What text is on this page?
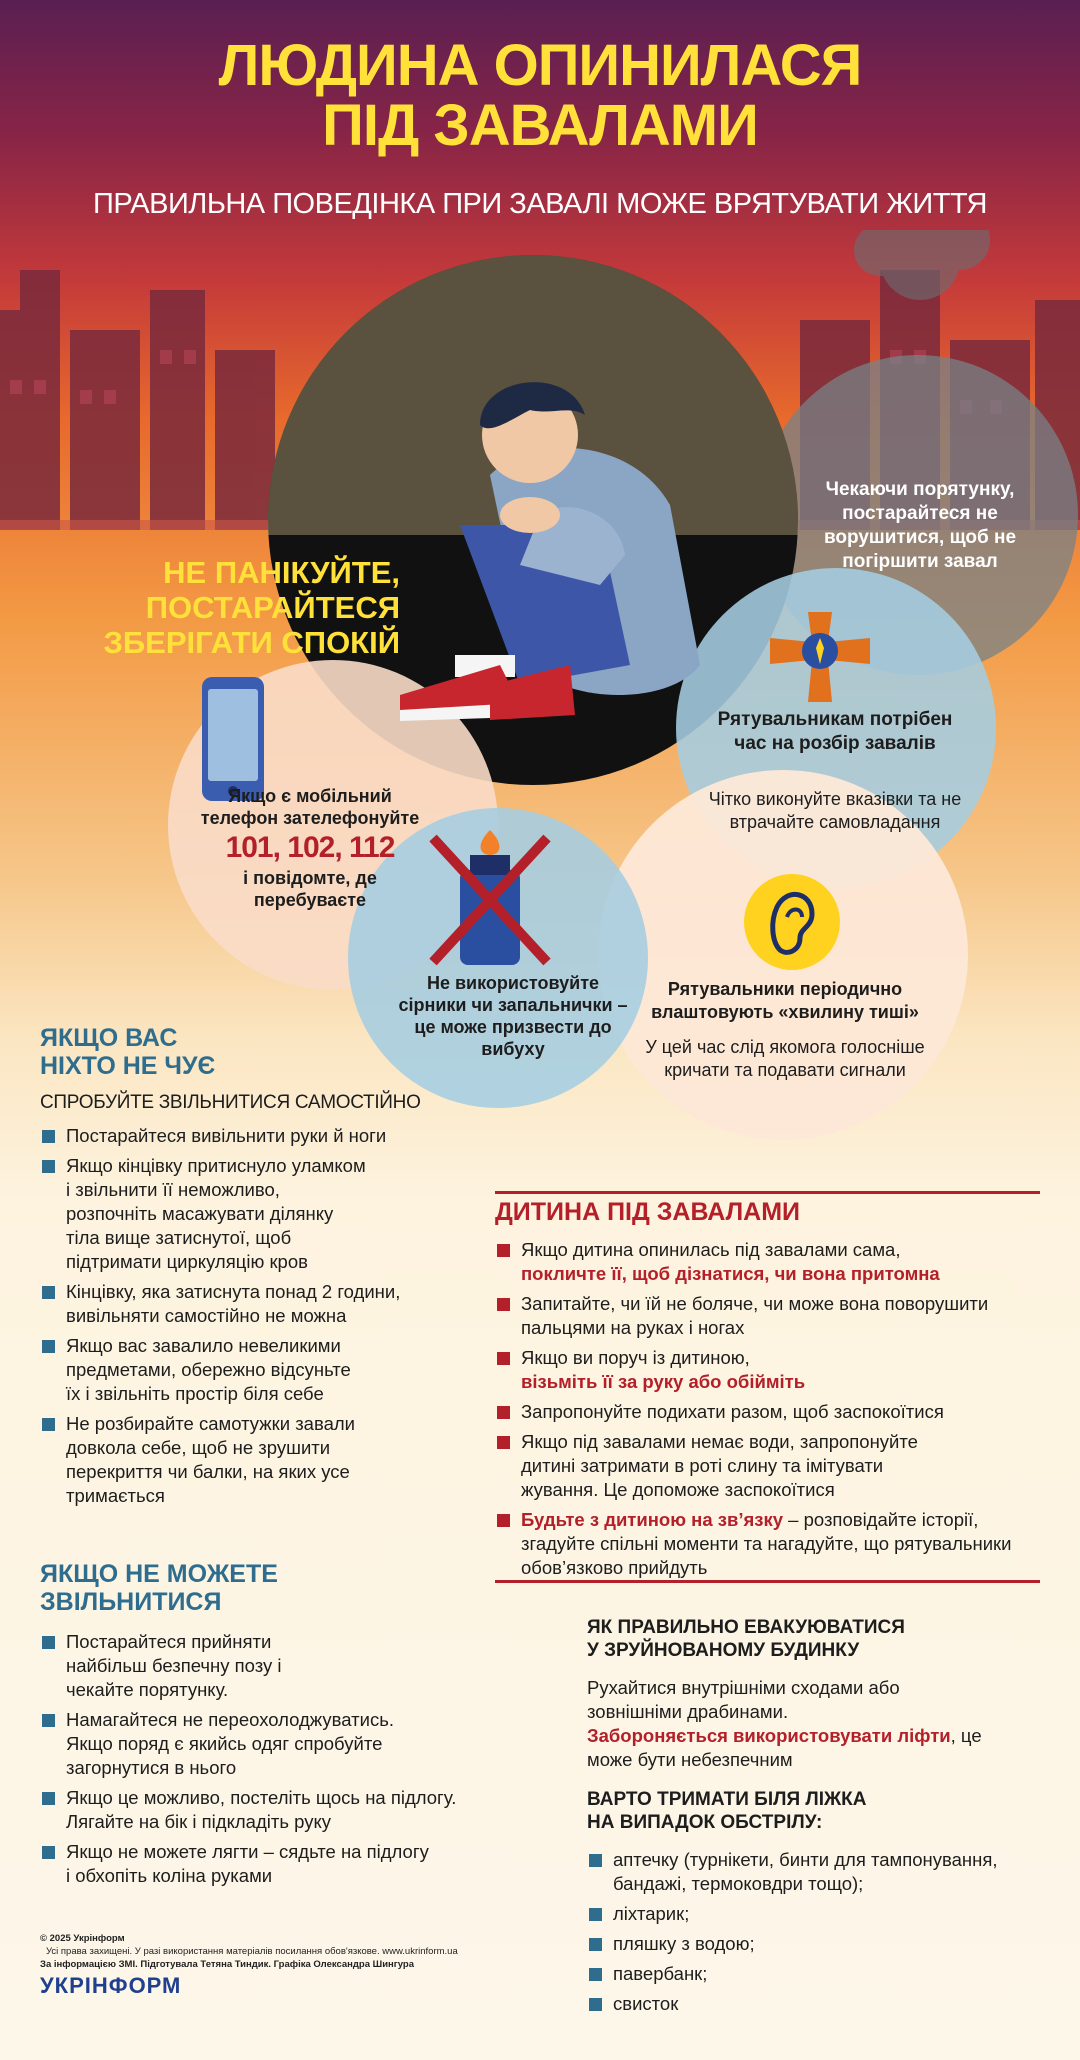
ЛЮДИНА ОПИНИЛАСЯ
ПІД ЗАВАЛАМИ
ПРАВИЛЬНА ПОВЕДІНКА ПРИ ЗАВАЛІ МОЖЕ ВРЯТУВАТИ ЖИТТЯ
Чекаючи порятунку, постарайтеся не ворушитися, щоб не погіршити завал
НЕ ПАНІКУЙТЕ,
ПОСТАРАЙТЕСЯ
ЗБЕРІГАТИ СПОКІЙ
Рятувальникам потрібен час на розбір завалів
Чітко виконуйте вказівки та не втрачайте самовладання
Якщо є мобільний телефон зателефонуйте
101, 102, 112
і повідомте, де перебуваєте
Не використовуйте сірники чи запальнички – це може призвести до вибуху
Рятувальники періодично влаштовують «хвилину тиші»
У цей час слід якомога голосніше кричати та подавати сигнали
ЯКЩО ВАС
НІХТО НЕ ЧУЄ
СПРОБУЙТЕ ЗВІЛЬНИТИСЯ САМОСТІЙНО
Постарайтеся вивільнити руки й ноги
Якщо кінцівку притиснуло уламком і звільнити її неможливо, розпочніть масажувати ділянку тіла вище затиснутої, щоб підтримати циркуляцію кров
Кінцівку, яка затиснута понад 2 години, вивільняти самостійно не можна
Якщо вас завалило невеликими предметами, обережно відсуньте їх і звільніть простір біля себе
Не розбирайте самотужки завали довкола себе, щоб не зрушити перекриття чи балки, на яких усе тримається
ЯКЩО НЕ МОЖЕТЕ
ЗВІЛЬНИТИСЯ
Постарайтеся прийняти найбільш безпечну позу і чекайте порятунку.
Намагайтеся не переохолоджуватись. Якщо поряд є якийсь одяг спробуйте загорнутися в нього
Якщо це можливо, постеліть щось на підлогу. Лягайте на бік і підкладіть руку
Якщо не можете лягти – сядьте на підлогу і обхопіть коліна руками
ДИТИНА ПІД ЗАВАЛАМИ
Якщо дитина опинилась під завалами сама,
покличте її, щоб дізнатися, чи вона притомна
Запитайте, чи їй не боляче, чи може вона поворушити пальцями на руках і ногах
Якщо ви поруч із дитиною,
візьміть її за руку або обійміть
Запропонуйте подихати разом, щоб заспокоїтися
Якщо під завалами немає води, запропонуйте дитині затримати в роті слину та імітувати жування. Це допоможе заспокоїтися
Будьте з дитиною на зв’язку – розповідайте історії, згадуйте спільні моменти та нагадуйте, що рятувальники обов’язково прийдуть
ЯК ПРАВИЛЬНО ЕВАКУЮВАТИСЯ
У ЗРУЙНОВАНОМУ БУДИНКУ
Рухайтися внутрішніми сходами або зовнішніми драбинами.
Забороняється використовувати ліфти, це може бути небезпечним
ВАРТО ТРИМАТИ БІЛЯ ЛІЖКА
НА ВИПАДОК ОБСТРІЛУ:
аптечку (турнікети, бинти для тампонування, бандажі, термоковдри тощо);
ліхтарик;
пляшку з водою;
павербанк;
свисток
© 2025 Укрінформ
Усі права захищені. У разі використання матеріалів посилання обов'язкове. www.ukrinform.ua
За інформацією ЗМІ. Підготувала Тетяна Тиндик. Графіка Олександра Шингура
УКРІНФОРМ
